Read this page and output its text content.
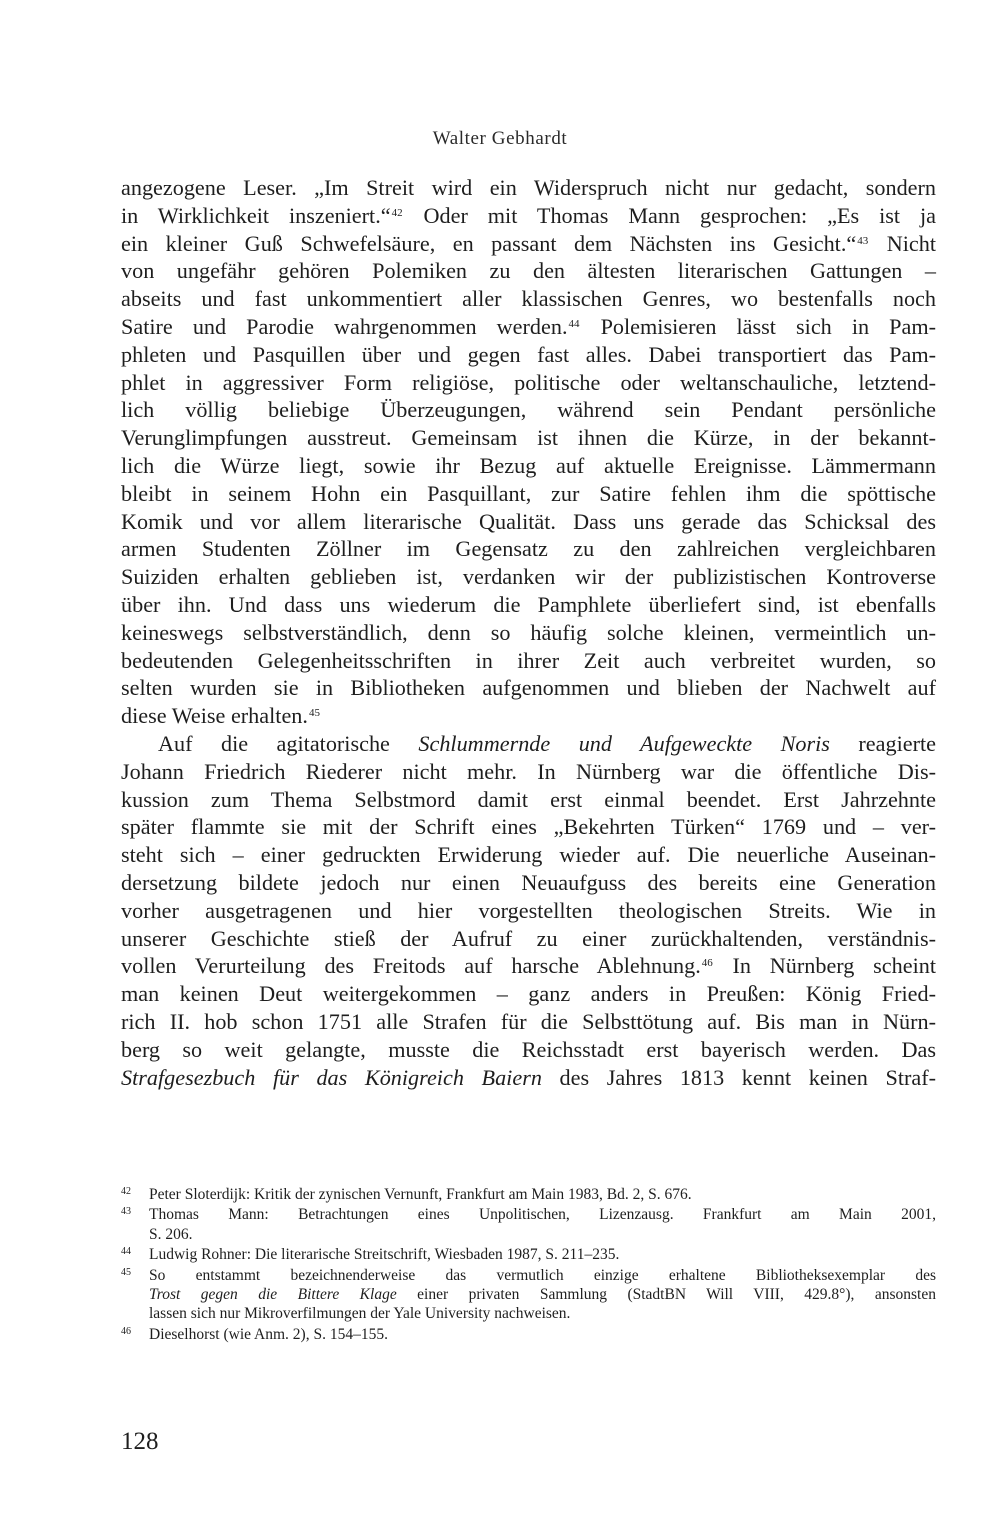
Walter Gebhardt
angezogene Leser. „Im Streit wird ein Widerspruch nicht nur gedacht, sondern
in Wirklichkeit inszeniert.“$^{42}$ Oder mit Thomas Mann gesprochen: „Es ist ja
ein kleiner Guß Schwefelsäure, en passant dem Nächsten ins Gesicht.“$^{43}$ Nicht
von ungefähr gehören Polemiken zu den ältesten literarischen Gattungen –
abseits und fast unkommentiert aller klassischen Genres, wo bestenfalls noch
Satire und Parodie wahrgenommen werden.$^{44}$ Polemisieren lässt sich in Pam-
phleten und Pasquillen über und gegen fast alles. Dabei transportiert das Pam-
phlet in aggressiver Form religiöse, politische oder weltanschauliche, letztend-
lich völlig beliebige Überzeugungen, während sein Pendant persönliche
Verunglimpfungen ausstreut. Gemeinsam ist ihnen die Kürze, in der bekannt-
lich die Würze liegt, sowie ihr Bezug auf aktuelle Ereignisse. Lämmermann
bleibt in seinem Hohn ein Pasquillant, zur Satire fehlen ihm die spöttische
Komik und vor allem literarische Qualität. Dass uns gerade das Schicksal des
armen Studenten Zöllner im Gegensatz zu den zahlreichen vergleichbaren
Suiziden erhalten geblieben ist, verdanken wir der publizistischen Kontroverse
über ihn. Und dass uns wiederum die Pamphlete überliefert sind, ist ebenfalls
keineswegs selbstverständlich, denn so häufig solche kleinen, vermeintlich un-
bedeutenden Gelegenheitsschriften in ihrer Zeit auch verbreitet wurden, so
selten wurden sie in Bibliotheken aufgenommen und blieben der Nachwelt auf
diese Weise erhalten.$^{45}$
Auf die agitatorische Schlummernde und Aufgeweckte Noris reagierte
Johann Friedrich Riederer nicht mehr. In Nürnberg war die öffentliche Dis-
kussion zum Thema Selbstmord damit erst einmal beendet. Erst Jahrzehnte
später flammte sie mit der Schrift eines „Bekehrten Türken“ 1769 und – ver-
steht sich – einer gedruckten Erwiderung wieder auf. Die neuerliche Auseinan-
dersetzung bildete jedoch nur einen Neuaufguss des bereits eine Generation
vorher ausgetragenen und hier vorgestellten theologischen Streits. Wie in
unserer Geschichte stieß der Aufruf zu einer zurückhaltenden, verständnis-
vollen Verurteilung des Freitods auf harsche Ablehnung.$^{46}$ In Nürnberg scheint
man keinen Deut weitergekommen – ganz anders in Preußen: König Fried-
rich II. hob schon 1751 alle Strafen für die Selbsttötung auf. Bis man in Nürn-
berg so weit gelangte, musste die Reichsstadt erst bayerisch werden. Das
Strafgesezbuch für das Königreich Baiern des Jahres 1813 kennt keinen Straf-
42 Peter Sloterdijk: Kritik der zynischen Vernunft, Frankfurt am Main 1983, Bd. 2, S. 676.
43 Thomas Mann: Betrachtungen eines Unpolitischen, Lizenzausg. Frankfurt am Main 2001,
S. 206.
44 Ludwig Rohner: Die literarische Streitschrift, Wiesbaden 1987, S. 211–235.
45 So entstammt bezeichnenderweise das vermutlich einzige erhaltene Bibliotheksexemplar des
Trost gegen die Bittere Klage einer privaten Sammlung (StadtBN Will VIII, 429.8°), ansonsten
lassen sich nur Mikroverfilmungen der Yale University nachweisen.
46 Dieselhorst (wie Anm. 2), S. 154–155.
128
